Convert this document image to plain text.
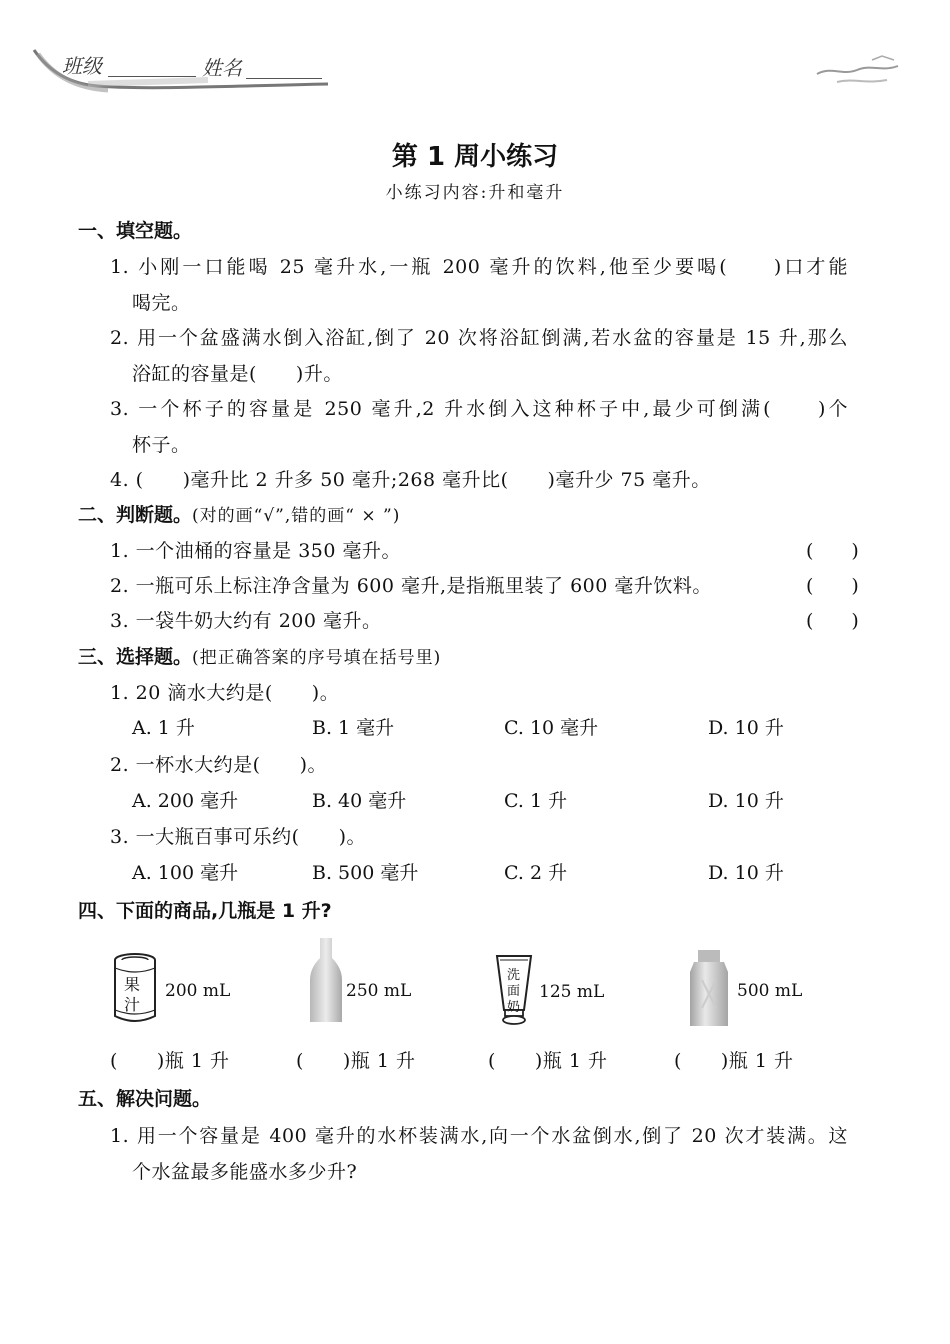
班级	姓名
第 1 周小练习
小练习内容:升和毫升
一、填空题。
1. 小刚一口能喝 25 毫升水,一瓶 200 毫升的饮料,他至少要喝(　　)口才能
喝完。
2. 用一个盆盛满水倒入浴缸,倒了 20 次将浴缸倒满,若水盆的容量是 15 升,那么
浴缸的容量是(　　)升。
3. 一个杯子的容量是 250 毫升,2 升水倒入这种杯子中,最少可倒满(　　)个
杯子。
4. (　　)毫升比 2 升多 50 毫升;268 毫升比(　　)毫升少 75 毫升。
二、判断题。(对的画“√”,错的画“ × ”)
1. 一个油桶的容量是 350 毫升。	(　　)
2. 一瓶可乐上标注净含量为 600 毫升,是指瓶里装了 600 毫升饮料。	(　　)
3. 一袋牛奶大约有 200 毫升。	(　　)
三、选择题。(把正确答案的序号填在括号里)
1. 20 滴水大约是(　　)。
A. 1 升	B. 1 毫升	C. 10 毫升	D. 10 升
2. 一杯水大约是(　　)。
A. 200 毫升	B. 40 毫升	C. 1 升	D. 10 升
3. 一大瓶百事可乐约(　　)。
A. 100 毫升	B. 500 毫升	C. 2 升	D. 10 升
四、下面的商品,几瓶是 1 升?
果
汁
200 mL	250 mL
洗
面
奶
125 mL	500 mL
(　　)瓶 1 升	(　　)瓶 1 升	(　　)瓶 1 升	(　　)瓶 1 升
五、解决问题。
1. 用一个容量是 400 毫升的水杯装满水,向一个水盆倒水,倒了 20 次才装满。这
个水盆最多能盛水多少升?
